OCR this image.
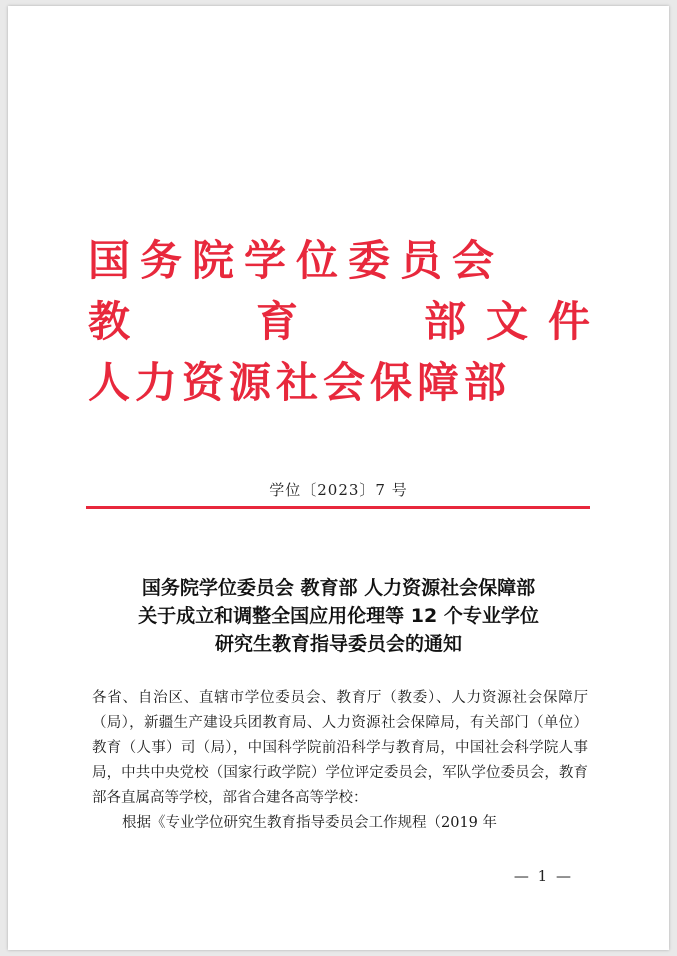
国务院学位委员会
教	育	部 文 件
人力资源社会保障部
学位〔2023〕7 号
国务院学位委员会 教育部 人力资源社会保障部
关于成立和调整全国应用伦理等 12 个专业学位
研究生教育指导委员会的通知

各省、自治区、直辖市学位委员会、教育厅（教委）、人力资源社会保障厅（局），新疆生产建设兵团教育局、人力资源社会保障局，有关部门（单位）教育（人事）司（局），中国科学院前沿科学与教育局，中国社会科学院人事局，中共中央党校（国家行政学院）学位评定委员会，军队学位委员会，教育部各直属高等学校，部省合建各高等学校：

根据《专业学位研究生教育指导委员会工作规程（2019 年

— 1 —
